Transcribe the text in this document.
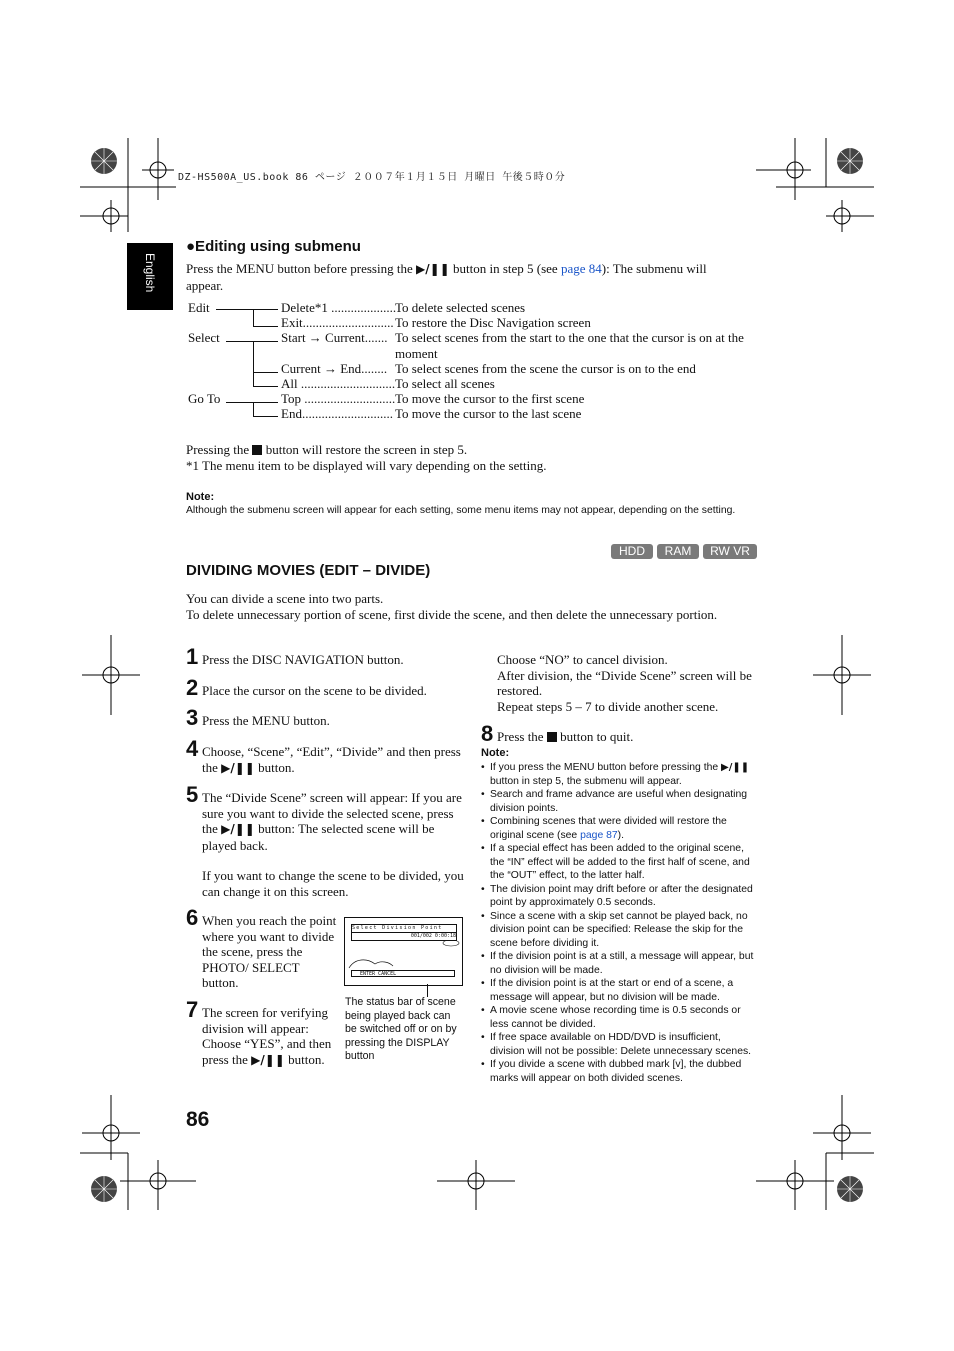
DZ-HS500A_US.book 86 ページ ２００７年１月１５日 月曜日 午後５時０分
English
●Editing using submenu
Press the MENU button before pressing the ▶/❚❚ button in step 5 (see page 84): The submenu will appear.
Edit
Select
Go To
Delete*1 ....................
To delete selected scenes
Exit............................ To restore the Disc Navigation screen
Start → Current....... To select scenes from the start to the one that the cursor is on at the moment
Current → End........ To select scenes from the scene the cursor is on to the end
All ............................. To select all scenes
Top ............................ To move the cursor to the first scene
End............................ To move the cursor to the last scene
Pressing the  button will restore the screen in step 5.
*1 The menu item to be displayed will vary depending on the setting.
Note:
Although the submenu screen will appear for each setting, some menu items may not appear, depending on the setting.
HDD	RAM	RW VR
DIVIDING MOVIES (EDIT – DIVIDE)
You can divide a scene into two parts.
To delete unnecessary portion of scene, first divide the scene, and then delete the unnecessary portion.
1 Press the DISC NAVIGATION button.
2 Place the cursor on the scene to be divided.
3 Press the MENU button.
4 Choose, “Scene”, “Edit”, “Divide” and then press the ▶/❚❚ button.
5 The “Divide Scene” screen will appear: If you are sure you want to divide the selected scene, press the ▶/❚❚ button: The selected scene will be played back.
If you want to change the scene to be divided, you can change it on this screen.
6 When you reach the point where you want to divide the scene, press the PHOTO/ SELECT button.
7 The screen for verifying division will appear: Choose “YES”, and then press the ▶/❚❚ button.
Select Division Point
001/002 0:00:18
ENTER CANCEL
The status bar of scene being played back can be switched off or on by pressing the DISPLAY button
Choose “NO” to cancel division.
After division, the “Divide Scene” screen will be restored.
Repeat steps 5 – 7 to divide another scene.
8 Press the  button to quit.
Note:
• If you press the MENU button before pressing the ▶/❚❚ button in step 5, the submenu will appear.
• Search and frame advance are useful when designating division points.
• Combining scenes that were divided will restore the original scene (see page 87).
• If a special effect has been added to the original scene, the “IN” effect will be added to the first half of scene, and the “OUT” effect, to the latter half.
• The division point may drift before or after the designated point by approximately 0.5 seconds.
• Since a scene with a skip set cannot be played back, no division point can be specified: Release the skip for the scene before dividing it.
• If the division point is at a still, a message will appear, but no division will be made.
• If the division point is at the start or end of a scene, a message will appear, but no division will be made.
• A movie scene whose recording time is 0.5 seconds or less cannot be divided.
• If free space available on HDD/DVD is insufficient, division will not be possible: Delete unnecessary scenes.
• If you divide a scene with dubbed mark [v], the dubbed marks will appear on both divided scenes.
86
